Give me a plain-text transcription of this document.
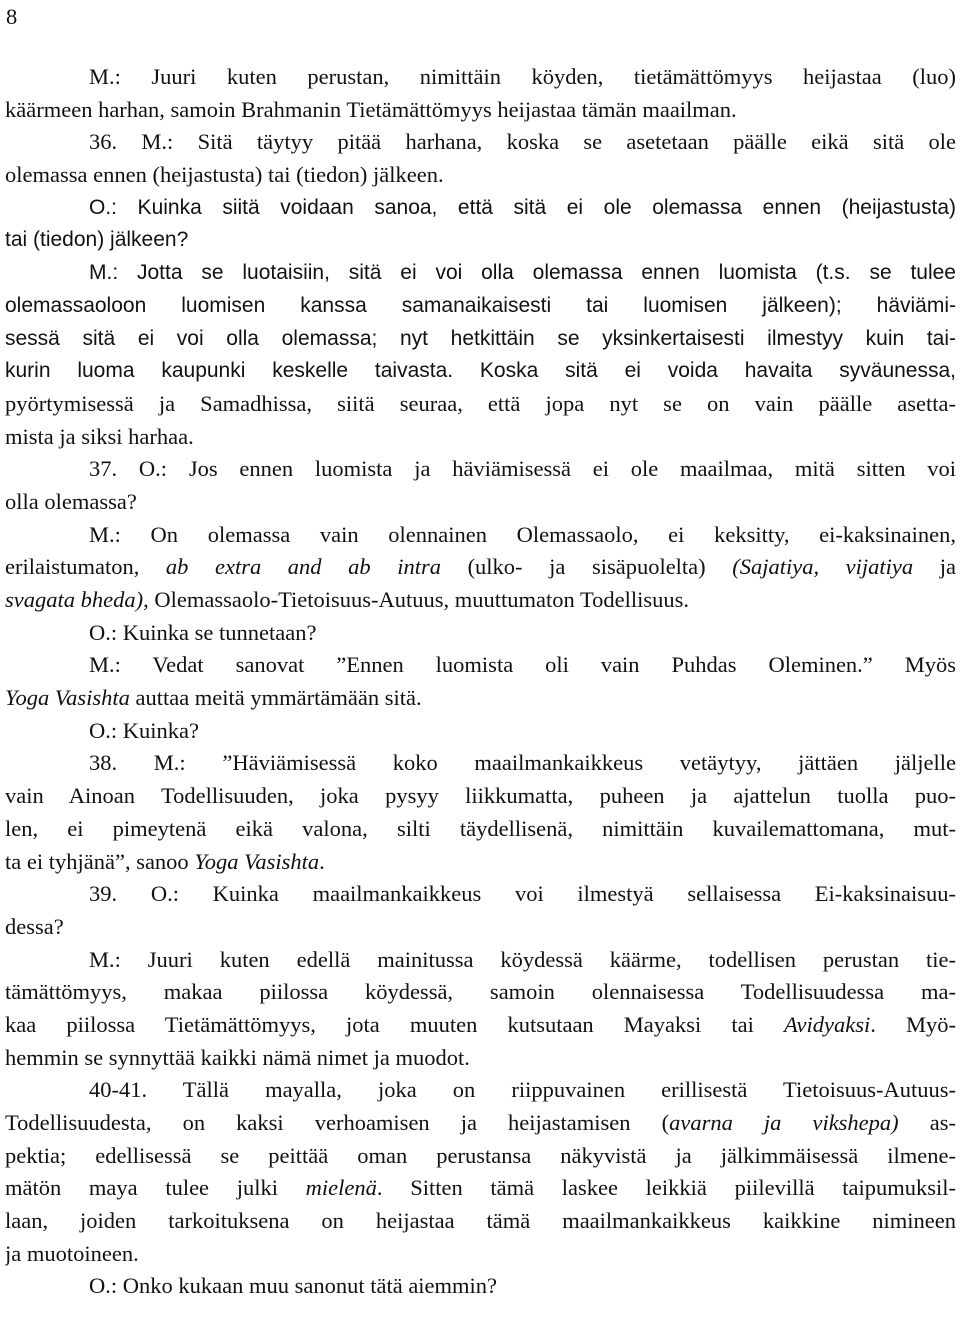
8
M.: Juuri kuten perustan, nimittäin köyden, tietämättömyys heijastaa (luo)
käärmeen harhan, samoin Brahmanin Tietämättömyys heijastaa tämän maailman.
36. M.: Sitä täytyy pitää harhana, koska se asetetaan päälle eikä sitä ole
olemassa ennen (heijastusta) tai (tiedon) jälkeen.
O.: Kuinka siitä voidaan sanoa, että sitä ei ole olemassa ennen (heijastusta)
tai (tiedon) jälkeen?
M.: Jotta se luotaisiin, sitä ei voi olla olemassa ennen luomista (t.s. se tulee
olemassaoloon luomisen kanssa samanaikaisesti tai luomisen jälkeen); häviämi-
sessä sitä ei voi olla olemassa; nyt hetkittäin se yksinkertaisesti ilmestyy kuin tai-
kurin luoma kaupunki keskelle taivasta. Koska sitä ei voida havaita syväunessa,
pyörtymisessä ja Samadhissa, siitä seuraa, että jopa nyt se on vain päälle asetta-
mista ja siksi harhaa.
37. O.: Jos ennen luomista ja häviämisessä ei ole maailmaa, mitä sitten voi
olla olemassa?
M.: On olemassa vain olennainen Olemassaolo, ei keksitty, ei-kaksinainen,
erilaistumaton, ab extra and ab intra (ulko- ja sisäpuolelta) (Sajatiya, vijatiya ja
svagata bheda), Olemassaolo-Tietoisuus-Autuus, muuttumaton Todellisuus.
O.: Kuinka se tunnetaan?
M.: Vedat sanovat ”Ennen luomista oli vain Puhdas Oleminen.” Myös
Yoga Vasishta auttaa meitä ymmärtämään sitä.
O.: Kuinka?
38. M.: ”Häviämisessä koko maailmankaikkeus vetäytyy, jättäen jäljelle
vain Ainoan Todellisuuden, joka pysyy liikkumatta, puheen ja ajattelun tuolla puo-
len, ei pimeytenä eikä valona, silti täydellisenä, nimittäin kuvailemattomana, mut-
ta ei tyhjänä”, sanoo Yoga Vasishta.
39. O.: Kuinka maailmankaikkeus voi ilmestyä sellaisessa Ei-kaksinaisuu-
dessa?
M.: Juuri kuten edellä mainitussa köydessä käärme, todellisen perustan tie-
tämättömyys, makaa piilossa köydessä, samoin olennaisessa Todellisuudessa ma-
kaa piilossa Tietämättömyys, jota muuten kutsutaan Mayaksi tai Avidyaksi. Myö-
hemmin se synnyttää kaikki nämä nimet ja muodot.
40-41. Tällä mayalla, joka on riippuvainen erillisestä Tietoisuus-Autuus-
Todellisuudesta, on kaksi verhoamisen ja heijastamisen (avarna ja vikshepa) as-
pektia; edellisessä se peittää oman perustansa näkyvistä ja jälkimmäisessä ilmene-
mätön maya tulee julki mielenä. Sitten tämä laskee leikkiä piilevillä taipumuksil-
laan, joiden tarkoituksena on heijastaa tämä maailmankaikkeus kaikkine nimineen
ja muotoineen.
O.: Onko kukaan muu sanonut tätä aiemmin?
